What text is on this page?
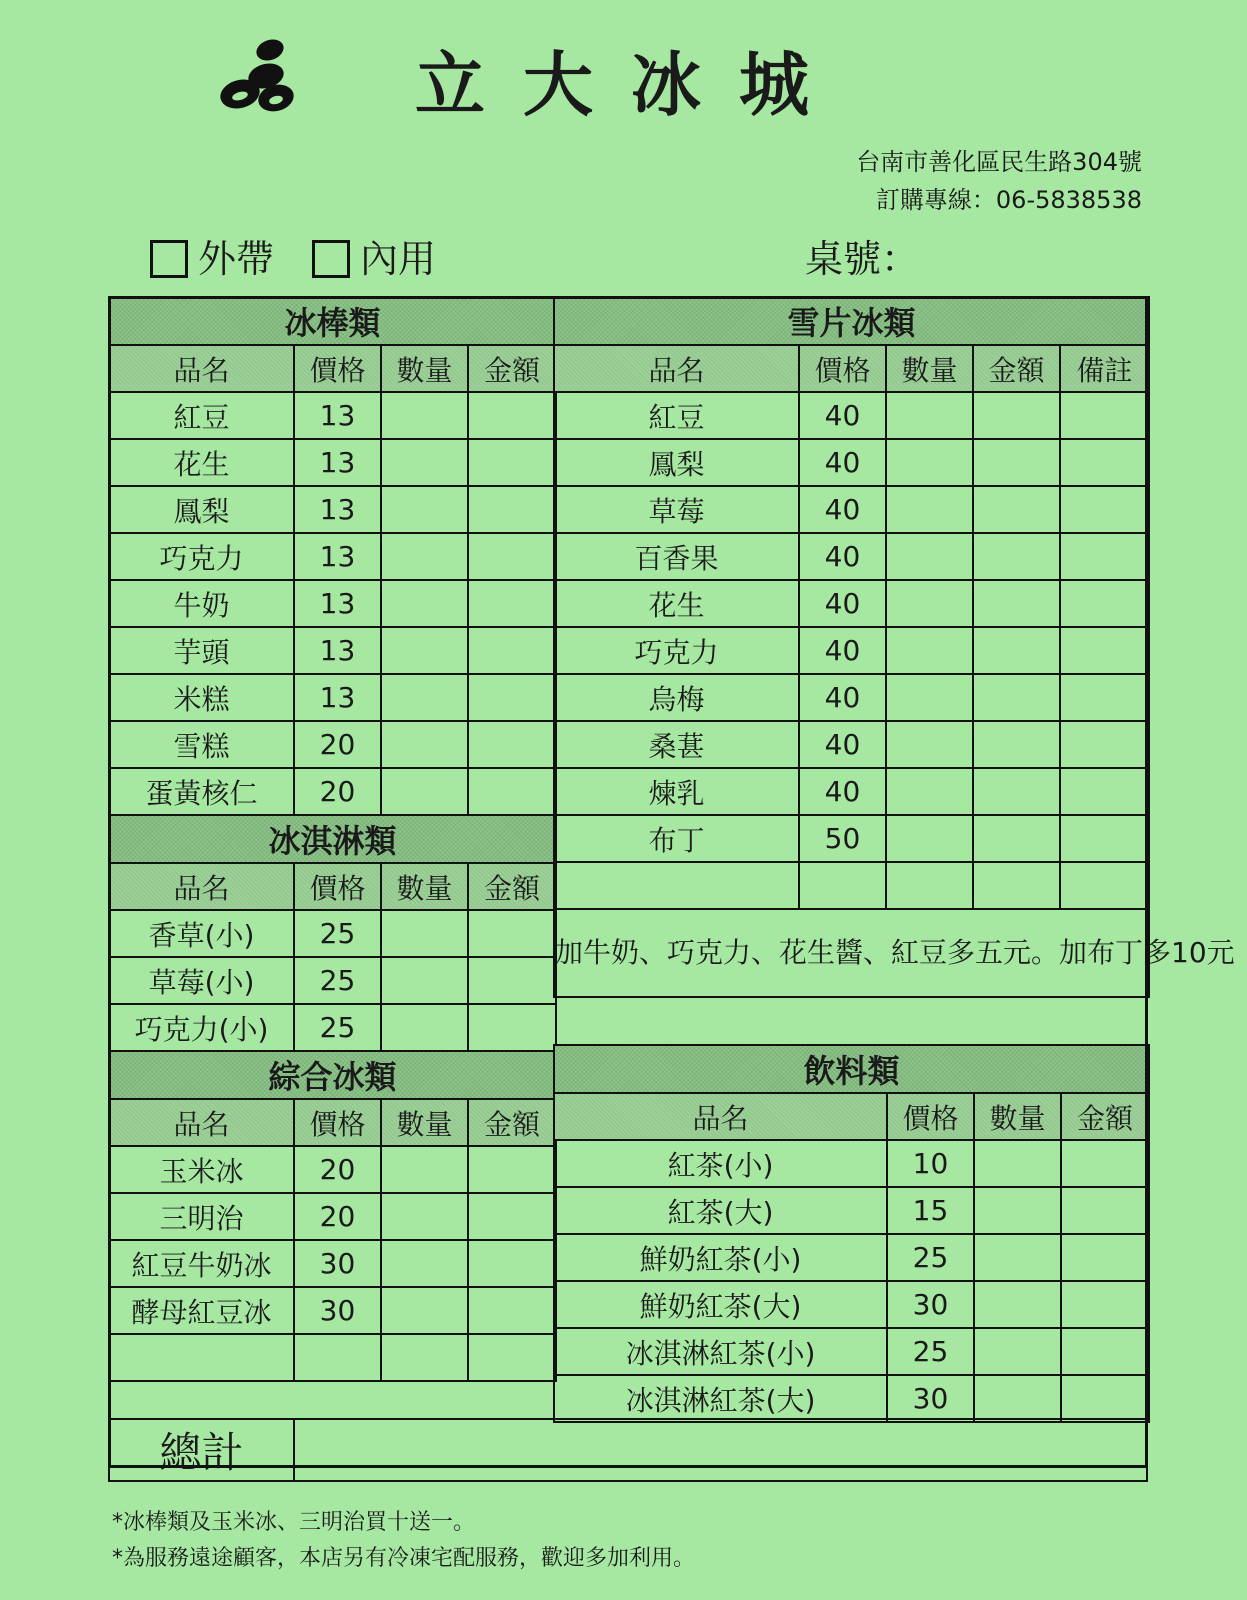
立大冰城
台南市善化區民生路304號
訂購專線：06-5838538
外帶 內用	桌號：
冰棒類			
品名	價格	數量	金額
紅豆	13		
花生	13		
鳳梨	13		
巧克力	13		
牛奶	13		
芋頭	13		
米糕	13		
雪糕	20		
蛋黃核仁	20		
冰淇淋類			
品名	價格	數量	金額
香草(小)	25		
草莓(小)	25		
巧克力(小)	25		
綜合冰類			
品名	價格	數量	金額
玉米冰	20		
三明治	20		
紅豆牛奶冰	30		
酵母紅豆冰	30		

雪片冰類				
品名	價格	數量	金額	備註
紅豆	40			
鳳梨	40			
草莓	40			
百香果	40			
花生	40			
巧克力	40			
烏梅	40			
桑葚	40			
煉乳	40			
布丁	50			

加牛奶、巧克力、花生醬、紅豆多五元。加布丁多10元				
飲料類			
品名	價格	數量	金額
紅茶(小)	10		
紅茶(大)	15		
鮮奶紅茶(小)	25		
鮮奶紅茶(大)	30		
冰淇淋紅茶(小)	25		
冰淇淋紅茶(大)	30		
總計	
*冰棒類及玉米冰、三明治買十送一。
*為服務遠途顧客，本店另有冷凍宅配服務，歡迎多加利用。
